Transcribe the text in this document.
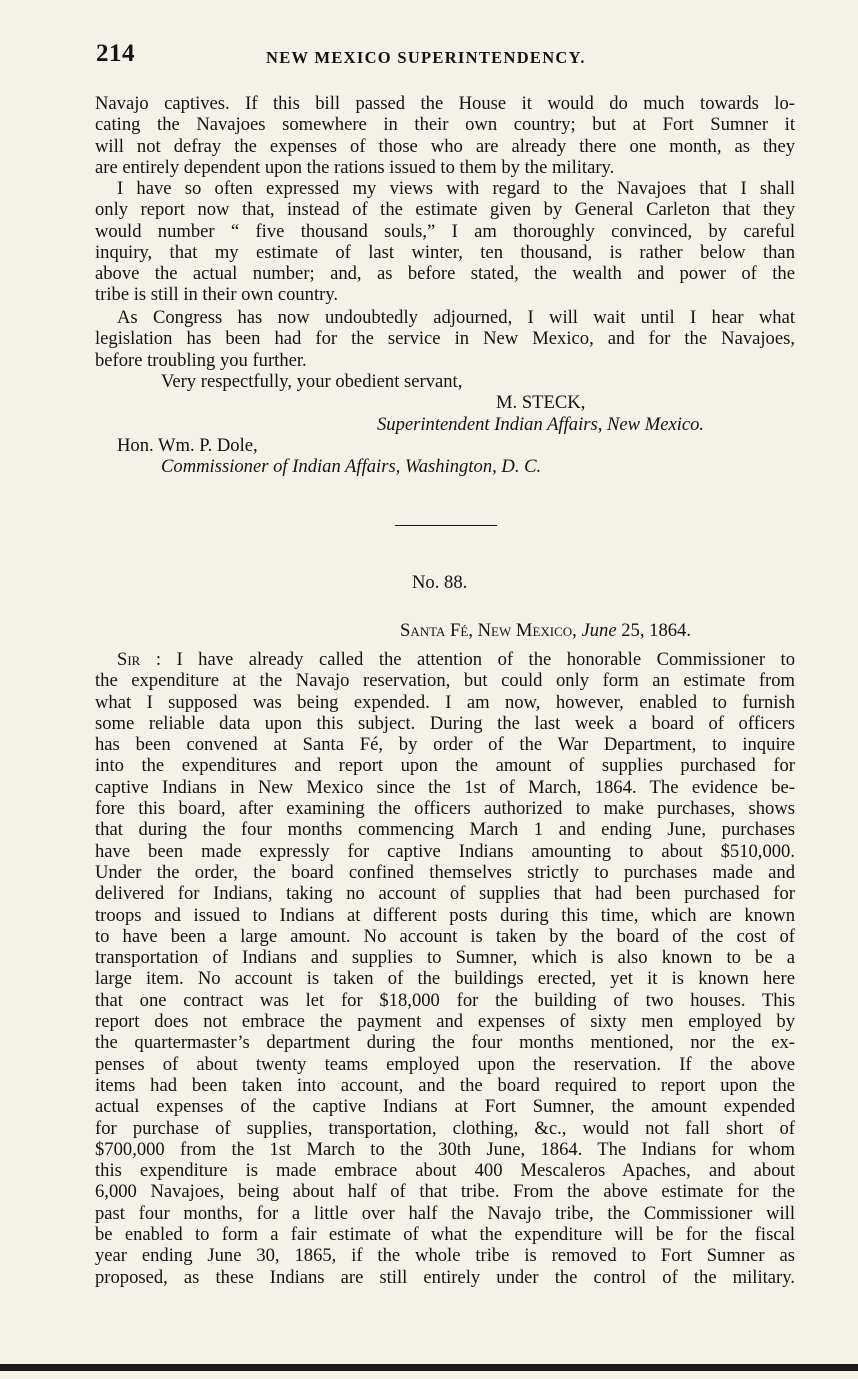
214	NEW MEXICO SUPERINTENDENCY.
Navajo captives. If this bill passed the House it would do much towards lo-
cating the Navajoes somewhere in their own country; but at Fort Sumner it
will not defray the expenses of those who are already there one month, as they
are entirely dependent upon the rations issued to them by the military.
I have so often expressed my views with regard to the Navajoes that I shall
only report now that, instead of the estimate given by General Carleton that they
would number “ five thousand souls,” I am thoroughly convinced, by careful
inquiry, that my estimate of last winter, ten thousand, is rather below than
above the actual number; and, as before stated, the wealth and power of the
tribe is still in their own country.
As Congress has now undoubtedly adjourned, I will wait until I hear what
legislation has been had for the service in New Mexico, and for the Navajoes,
before troubling you further.
Very respectfully, your obedient servant,
M. STECK,
Superintendent Indian Affairs, New Mexico.
Hon. Wm. P. Dole,
Commissioner of Indian Affairs, Washington, D. C.
No. 88.
Santa Fé, New Mexico, June 25, 1864.
Sir : I have already called the attention of the honorable Commissioner to
the expenditure at the Navajo reservation, but could only form an estimate from
what I supposed was being expended. I am now, however, enabled to furnish
some reliable data upon this subject. During the last week a board of officers
has been convened at Santa Fé, by order of the War Department, to inquire
into the expenditures and report upon the amount of supplies purchased for
captive Indians in New Mexico since the 1st of March, 1864. The evidence be-
fore this board, after examining the officers authorized to make purchases, shows
that during the four months commencing March 1 and ending June, purchases
have been made expressly for captive Indians amounting to about $510,000.
Under the order, the board confined themselves strictly to purchases made and
delivered for Indians, taking no account of supplies that had been purchased for
troops and issued to Indians at different posts during this time, which are known
to have been a large amount. No account is taken by the board of the cost of
transportation of Indians and supplies to Sumner, which is also known to be a
large item. No account is taken of the buildings erected, yet it is known here
that one contract was let for $18,000 for the building of two houses. This
report does not embrace the payment and expenses of sixty men employed by
the quartermaster’s department during the four months mentioned, nor the ex-
penses of about twenty teams employed upon the reservation. If the above
items had been taken into account, and the board required to report upon the
actual expenses of the captive Indians at Fort Sumner, the amount expended
for purchase of supplies, transportation, clothing, &c., would not fall short of
$700,000 from the 1st March to the 30th June, 1864. The Indians for whom
this expenditure is made embrace about 400 Mescaleros Apaches, and about
6,000 Navajoes, being about half of that tribe. From the above estimate for the
past four months, for a little over half the Navajo tribe, the Commissioner will
be enabled to form a fair estimate of what the expenditure will be for the fiscal
year ending June 30, 1865, if the whole tribe is removed to Fort Sumner as
proposed, as these Indians are still entirely under the control of the military.
